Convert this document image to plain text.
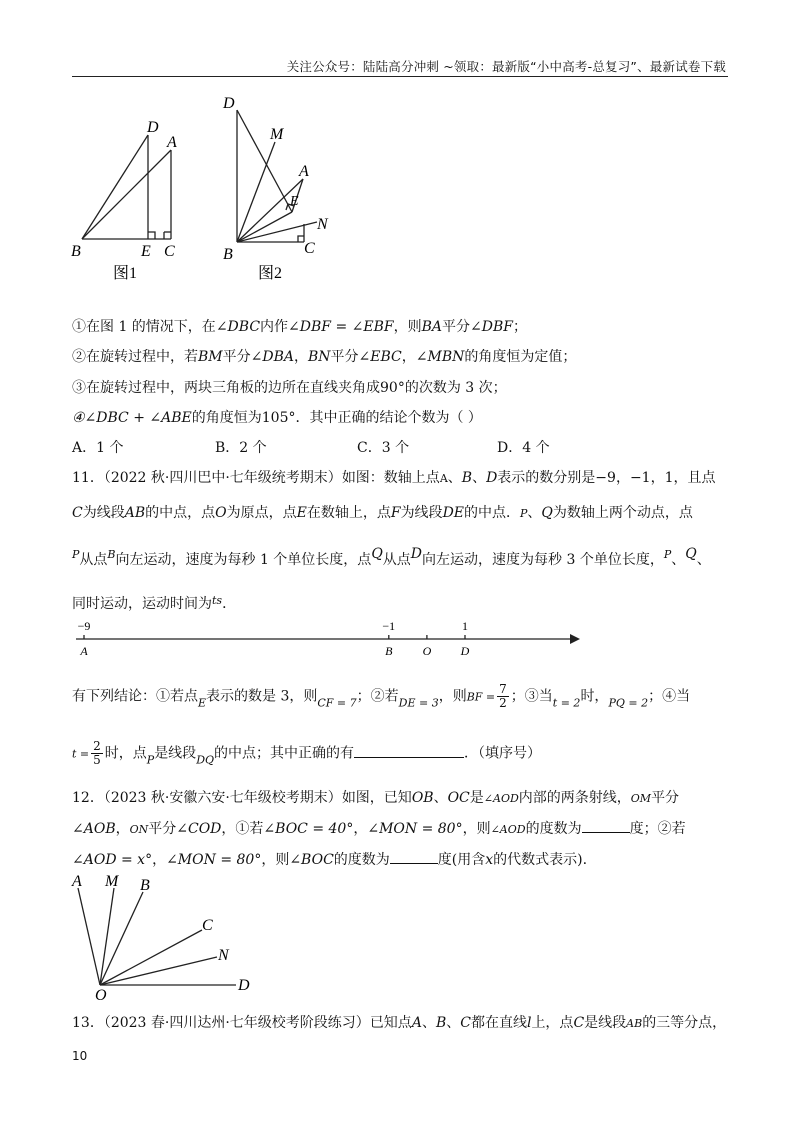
关注公众号：陆陆高分冲刺 ~领取：最新版“小中高考-总复习”、最新试卷下载
D
A
B	E C
图1
D
M
A
E
N
B	C
图2
①在图 1 的情况下，在∠DBC内作∠DBF = ∠EBF，则BA平分∠DBF；
②在旋转过程中，若BM平分∠DBA，BN平分∠EBC，∠MBN的角度恒为定值；
③在旋转过程中，两块三角板的边所在直线夹角成90°的次数为 3 次；
④∠DBC + ∠ABE的角度恒为105°．其中正确的结论个数为（ ）
A．1 个	B．2 个	C．3 个	D．4 个
11．（2022 秋·四川巴中·七年级统考期末）如图：数轴上点A、B、D表示的数分别是−9，−1，1，且点
C为线段AB的中点，点O为原点，点E在数轴上，点F为线段DE的中点．P、Q为数轴上两个动点，点
$^P$从点$^B$向左运动，速度为每秒 1 个单位长度，点Q从点D向左运动，速度为每秒 3 个单位长度，$^P$、Q、
同时运动，运动时间为$^{ts}$．
−9
A
−1
B	O
1
D
有下列结论：①若点$_E$表示的数是 3，则$_{CF = 7}$；②若$_{DE = 3}$，则BF = $\frac{7}{2}$ ；③当$_{t = 2}$时，$_{PQ = 2}$；④当
$t = \frac{2}{5}$ 时，点$_P$是线段$_{DQ}$的中点；其中正确的有	．（填序号）
12．（2023 秋·安徽六安·七年级校考期末）如图，已知OB、OC是∠AOD内部的两条射线，OM平分
∠AOB，ON平分∠COD，①若∠BOC = 40°，∠MON = 80°，则∠AOD的度数为	度；②若
∠AOD = x°，∠MON = 80°，则∠BOC的度数为	度(用含x的代数式表示).
A M B
C
N
O
D
13．（2023 春·四川达州·七年级校考阶段练习）已知点A、B、C都在直线l上，点C是线段AB的三等分点，
10
